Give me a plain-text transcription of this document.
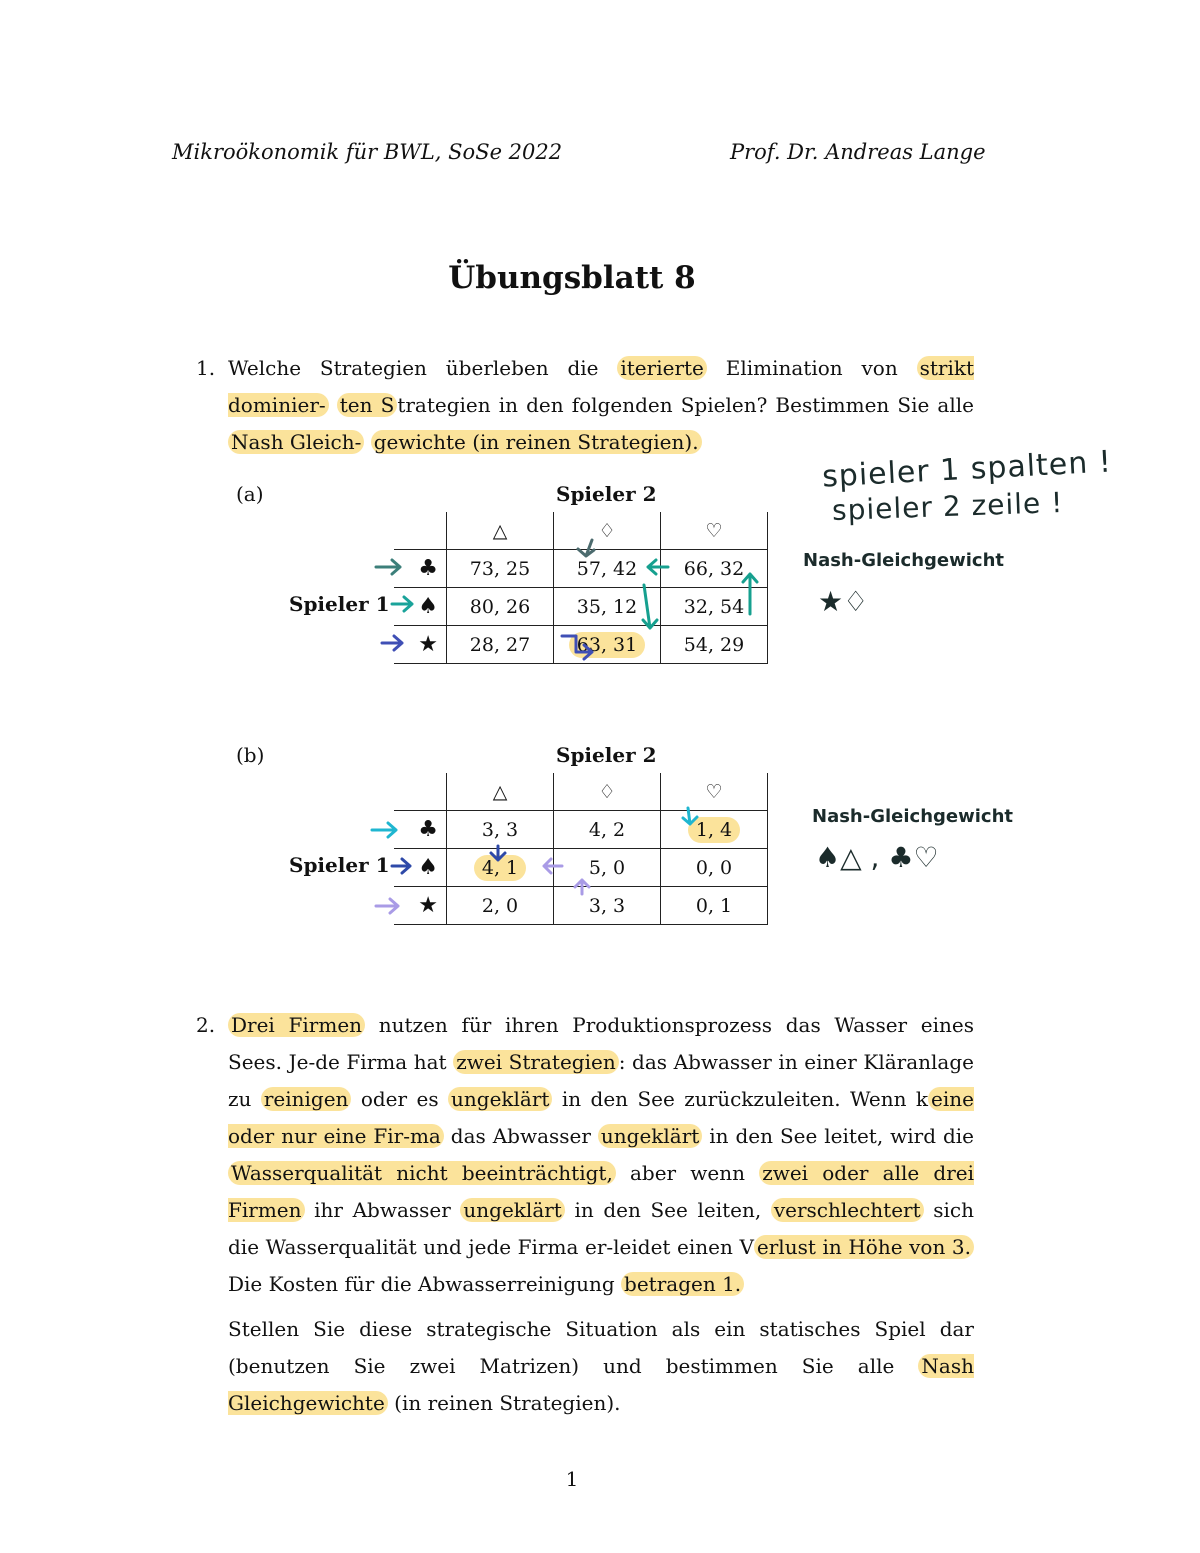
Mikroökonomik für BWL, SoSe 2022	Prof. Dr. Andreas Lange
Übungsblatt 8
1. Welche Strategien überleben die iterierte Elimination von strikt dominier- ten S trategien in den folgenden Spielen? Bestimmen Sie alle Nash Gleich- gewichte (in reinen Strategien).
(a)	Spieler 2
Spieler 1
	△	♢	♡
♣	73, 25	57, 42	66, 32
♠	80, 26	35, 12	32, 54
★	28, 27	63, 31	54, 29
(b)	Spieler 2
Spieler 1
	△	♢	♡
♣	3, 3	4, 2	1, 4
♠	4, 1	5, 0	0, 0
★	2, 0	3, 3	0, 1
spieler 1 spalten !
spieler 2 zeile !
Nash-Gleichgewicht
★♢
Nash-Gleichgewicht
♠△ , ♣♡
2. Drei Firmen nutzen für ihren Produktionsprozess das Wasser eines Sees. Je-de Firma hat zwei Strategien : das Abwasser in einer Kläranlage zu reinigen oder es ungeklärt in den See zurückzuleiten. Wenn k eine oder nur eine Fir-ma das Abwasser ungeklärt in den See leitet, wird die Wasserqualität nicht beeinträchtigt, aber wenn zwei oder alle drei Firmen ihr Abwasser ungeklärt in den See leiten, verschlechtert sich die Wasserqualität und jede Firma er-leidet einen V erlust in Höhe von 3. Die Kosten für die Abwasserreinigung betragen 1.
Stellen Sie diese strategische Situation als ein statisches Spiel dar (benutzen Sie zwei Matrizen) und bestimmen Sie alle Nash Gleichgewichte (in reinen Strategien).
1
